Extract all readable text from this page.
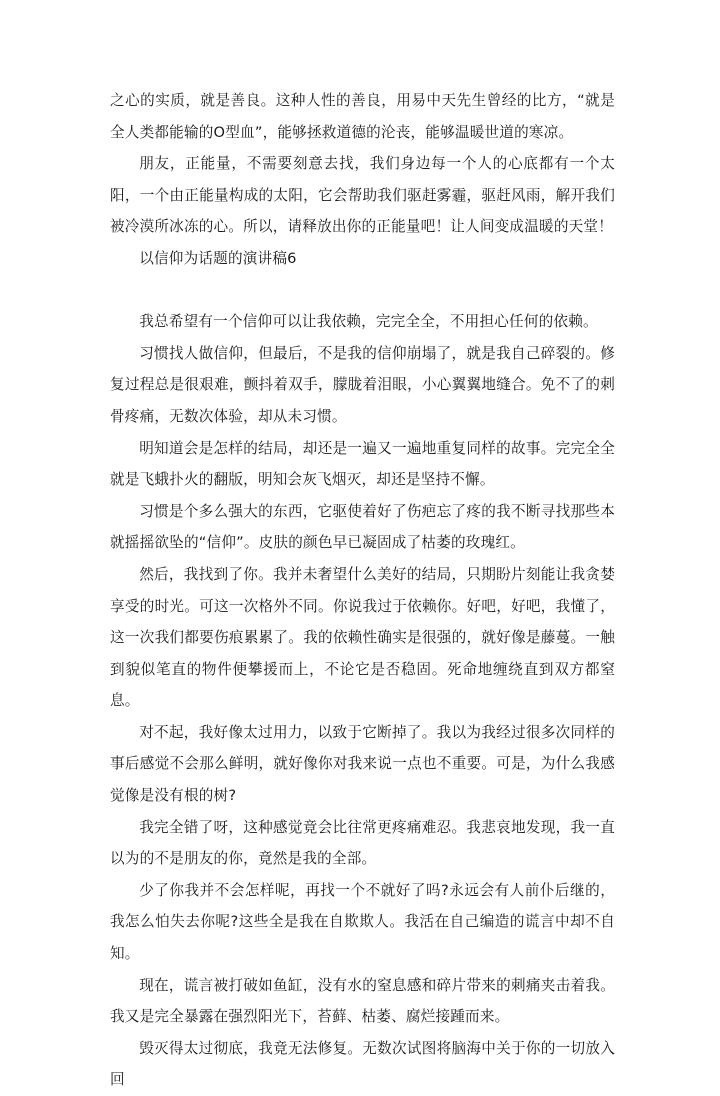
之心的实质，就是善良。这种人性的善良，用易中天先生曾经的比方，“就是全人类都能输的O型血”，能够拯救道德的沦丧，能够温暖世道的寒凉。

朋友，正能量，不需要刻意去找，我们身边每一个人的心底都有一个太阳，一个由正能量构成的太阳，它会帮助我们驱赶雾霾，驱赶风雨，解开我们被冷漠所冰冻的心。所以，请释放出你的正能量吧！让人间变成温暖的天堂！

以信仰为话题的演讲稿6

我总希望有一个信仰可以让我依赖，完完全全，不用担心任何的依赖。

习惯找人做信仰，但最后，不是我的信仰崩塌了，就是我自己碎裂的。修复过程总是很艰难，颤抖着双手，朦胧着泪眼，小心翼翼地缝合。免不了的刺骨疼痛，无数次体验，却从未习惯。

明知道会是怎样的结局，却还是一遍又一遍地重复同样的故事。完完全全就是飞蛾扑火的翻版，明知会灰飞烟灭，却还是坚持不懈。

习惯是个多么强大的东西，它驱使着好了伤疤忘了疼的我不断寻找那些本就摇摇欲坠的“信仰”。皮肤的颜色早已凝固成了枯萎的玫瑰红。

然后，我找到了你。我并未奢望什么美好的结局，只期盼片刻能让我贪婪享受的时光。可这一次格外不同。你说我过于依赖你。好吧，好吧，我懂了，这一次我们都要伤痕累累了。我的依赖性确实是很强的，就好像是藤蔓。一触到貌似笔直的物件便攀援而上，不论它是否稳固。死命地缠绕直到双方都窒息。

对不起，我好像太过用力，以致于它断掉了。我以为我经过很多次同样的事后感觉不会那么鲜明，就好像你对我来说一点也不重要。可是，为什么我感觉像是没有根的树?

我完全错了呀，这种感觉竟会比往常更疼痛难忍。我悲哀地发现，我一直以为的不是朋友的你，竟然是我的全部。

少了你我并不会怎样呢，再找一个不就好了吗?永远会有人前仆后继的，我怎么怕失去你呢?这些全是我在自欺欺人。我活在自己编造的谎言中却不自知。

现在，谎言被打破如鱼缸，没有水的窒息感和碎片带来的刺痛夹击着我。我又是完全暴露在强烈阳光下，苔藓、枯萎、腐烂接踵而来。

毁灭得太过彻底，我竟无法修复。无数次试图将脑海中关于你的一切放入回
